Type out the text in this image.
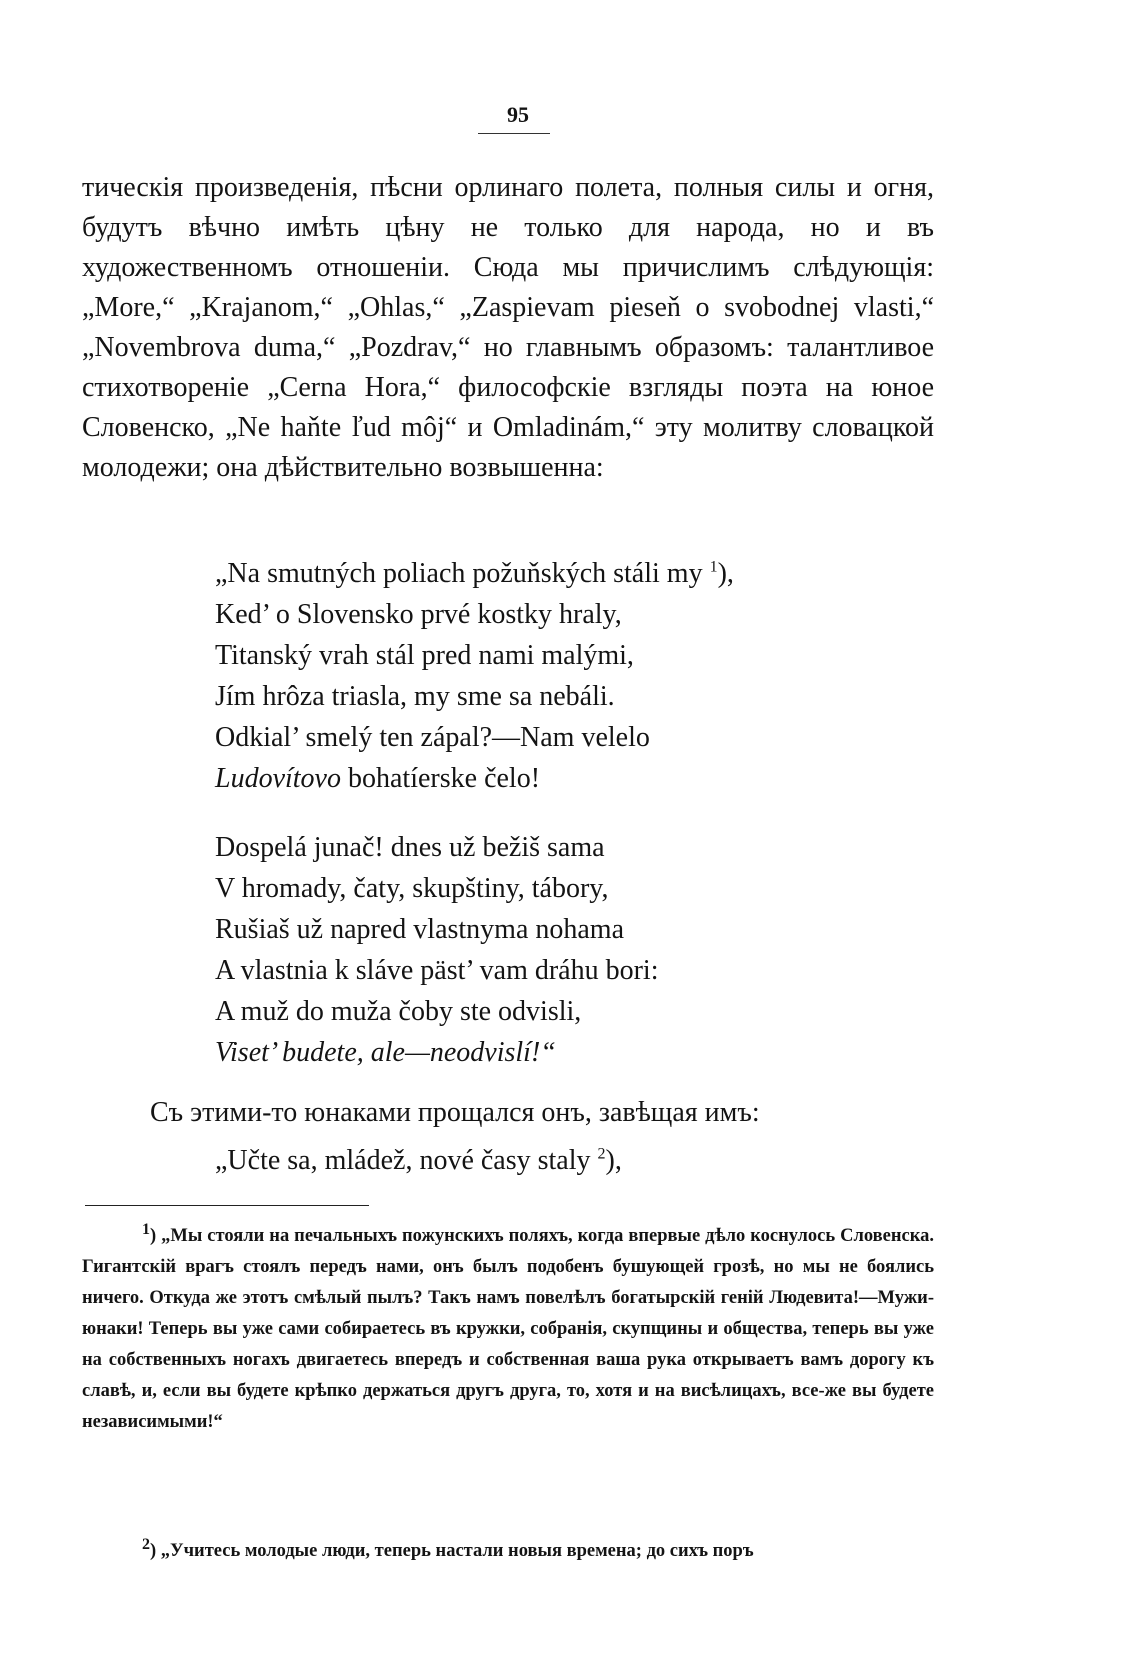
95

тическія произведенія, пѣсни орлинаго полета, полныя силы и огня, будутъ вѣчно имѣть цѣну не только для народа, но и въ художественномъ отношеніи. Сюда мы причислимъ слѣдующія: „More,“ „Krajanom,“ „Ohlas,“ „Zaspievam pieseň o svobodnej vlasti,“ „Novembrova duma,“ „Pozdrav,“ но главнымъ образомъ: талантливое стихотвореніе „Cerna Hora,“ философскіе взгляды поэта на юное Словенско, „Ne haňte ľud môj“ и Omladinám,“ эту молитву словацкой молодежи; она дѣйствительно возвышенна:

„Na smutných poliach požuňských stáli my $^1$),
Ked’ o Slovensko prvé kostky hraly,
Titanský vrah stál pred nami malými,
Jím hrôza triasla, my sme sa nebáli.
Odkial’ smelý ten zápal?—Nam velelo
Ludovítovo bohatíerske čelo!
Dospelá junač! dnes už bežiš sama
V hromady, čaty, skupštiny, tábory,
Rušiaš už napred vlastnyma nohama
A vlastnia k sláve päst’ vam dráhu bori:
A muž do muža čoby ste odvisli,
Viset’ budete, ale—neodvislí!“
Съ этими-то юнаками прощался онъ, завѣщая имъ:
„Učte sa, mládež, nové časy staly $^2$),

$^1$) „Мы стояли на печальныхъ пожунскихъ поляхъ, когда впервые дѣло коснулось Словенска. Гигантскій врагъ стоялъ передъ нами, онъ былъ подобенъ бушующей грозѣ, но мы не боялись ничего. Откуда же этотъ смѣлый пылъ? Такъ намъ повелѣлъ богатырскій геній Людевита!—Мужи-юнаки! Теперь вы уже сами собираетесь въ кружки, собранія, скупщины и общества, теперь вы уже на собственныхъ ногахъ двигаетесь впередъ и собственная ваша рука открываетъ вамъ дорогу къ славѣ, и, если вы будете крѣпко держаться другъ друга, то, хотя и на висѣлицахъ, все-же вы будете независимыми!“

$^2$) „Учитесь молодые люди, теперь настали новыя времена; до сихъ поръ
